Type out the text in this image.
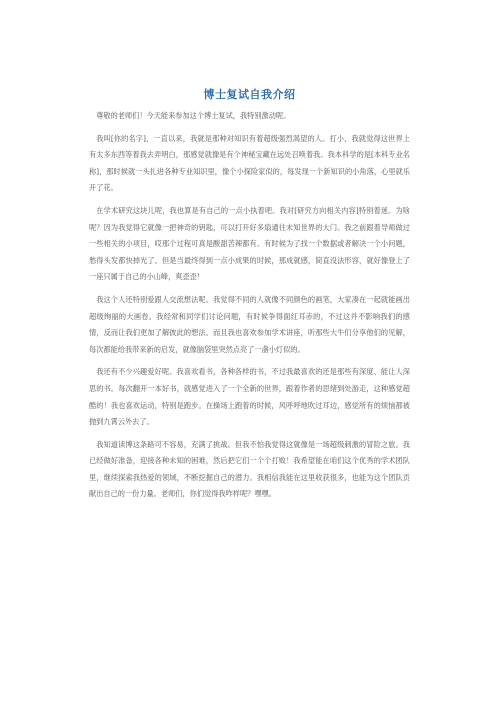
博士复试自我介绍

尊敬的老师们！今天能来参加这个博士复试，我特别激动呢。

我叫[你的名字]，一直以来，我就是那种对知识有着超级强烈渴望的人。打小，我就觉得这世界上有太多东西等着我去弄明白，那感觉就像是有个神秘宝藏在远处召唤着我。我本科学的是[本科专业名称]，那时候就一头扎进各种专业知识里，像个小探险家似的，每发现一个新知识的小角落，心里就乐开了花。

在学术研究这块儿呢，我也算是有自己的一点小执着吧。我对[研究方向相关内容]特别着迷。为啥呢？因为我觉得它就像一把神奇的钥匙，可以打开好多扇通往未知世界的大门。我之前跟着导师做过一些相关的小项目，哎那个过程可真是酸甜苦辣都有。有时候为了找一个数据或者解决一个小问题，愁得头发都快掉光了。但是当最终得到一点小成果的时候，那成就感，简直没法形容，就好像登上了一座只属于自己的小山峰，爽歪歪！

我这个人还特别爱跟人交流想法呢。我觉得不同的人就像不同颜色的画笔，大家凑在一起就能画出超级绚丽的大画卷。我经常和同学们讨论问题，有时候争得面红耳赤的，不过这并不影响我们的感情，反而让我们更加了解彼此的想法。而且我也喜欢参加学术讲座，听那些大牛们分享他们的见解，每次都能给我带来新的启发，就像脑袋里突然点亮了一盏小灯似的。

我还有不少兴趣爱好呢。我喜欢看书，各种各样的书，不过我最喜欢的还是那些有深度、能让人深思的书。每次翻开一本好书，就感觉进入了一个全新的世界，跟着作者的思绪到处游走，这种感觉超酷的！我也喜欢运动，特别是跑步。在操场上跑着的时候，风呼呼地吹过耳边，感觉所有的烦恼都被抛到九霄云外去了。

我知道读博这条路可不容易，充满了挑战。但我不怕我觉得这就像是一场超级刺激的冒险之旅。我已经做好准备，迎接各种未知的困难，然后把它们一个个打败！我希望能在咱们这个优秀的学术团队里，继续探索我热爱的领域，不断挖掘自己的潜力。我相信我能在这里收获很多，也能为这个团队贡献出自己的一份力量。老师们，你们觉得我咋样呢？嘿嘿。
